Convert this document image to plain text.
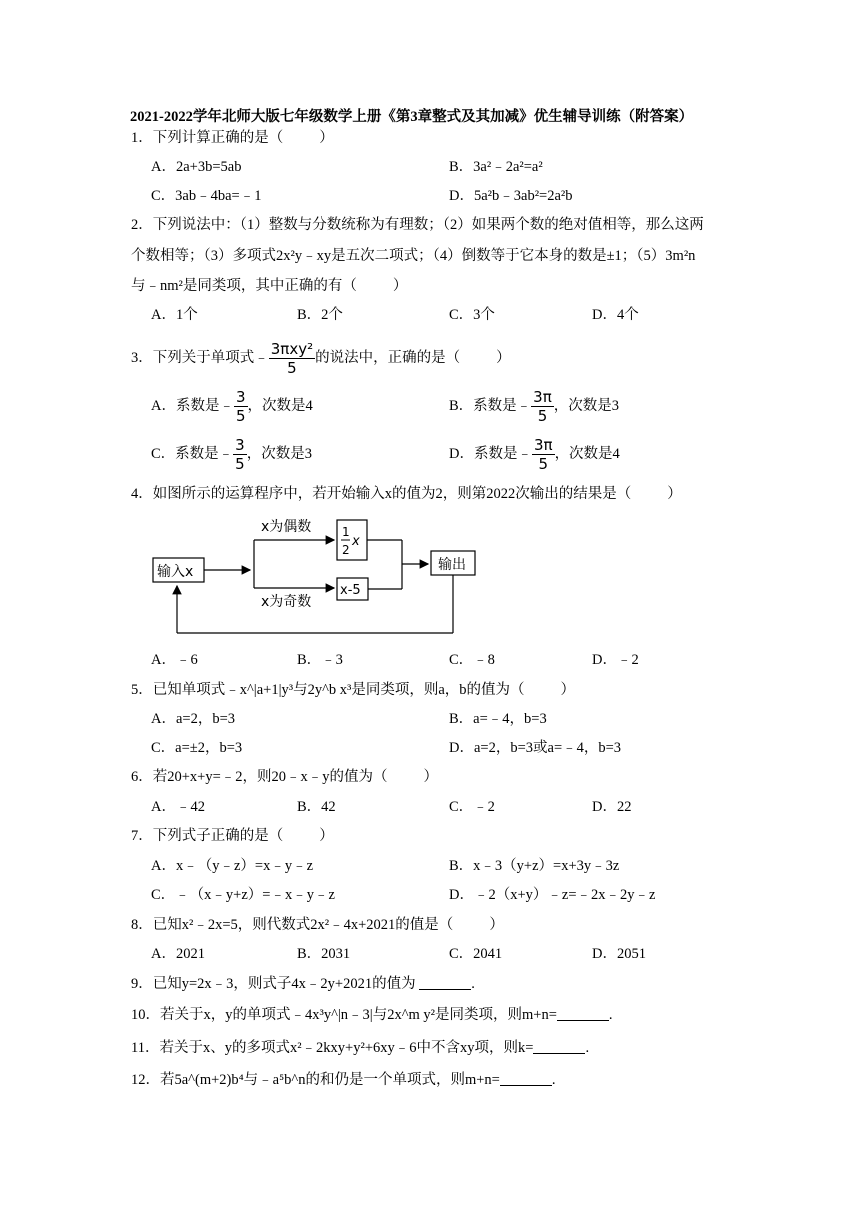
2021-2022学年北师大版七年级数学上册《第3章整式及其加减》优生辅导训练（附答案）
1．下列计算正确的是（ ）
A．2a+3b=5ab	B．3a²﹣2a²=a²
C．3ab﹣4ba=﹣1	D．5a²b﹣3ab²=2a²b
2．下列说法中：（1）整数与分数统称为有理数；（2）如果两个数的绝对值相等，那么这两
个数相等；（3）多项式2x²y﹣xy是五次二项式；（4）倒数等于它本身的数是±1；（5）3m²n
与﹣nm²是同类项，其中正确的有（ ）
A．1个	B．2个	C．3个	D．4个
3．下列关于单项式﹣ $\frac{\text{3πxy²}}{5}$ 的说法中，正确的是（ ）
A．系数是﹣ $\frac{3}{5}$ ，次数是4	B．系数是﹣ $\frac{3\pi}{5}$ ，次数是3
C．系数是﹣ $\frac{3}{5}$ ，次数是3	D．系数是﹣ $\frac{3\pi}{5}$ ，次数是4
4．如图所示的运算程序中，若开始输入x的值为2，则第2022次输出的结果是（ ）
输入x
x为偶数
x为奇数
1
2
x
x-5
输出
A．﹣6	B．﹣3	C．﹣8	D．﹣2
5．已知单项式﹣x^|a+1|y³与2y^b x³是同类项，则a，b的值为（ ）
A．a=2，b=3	B．a=﹣4，b=3
C．a=±2，b=3	D．a=2，b=3或a=﹣4，b=3
6．若20+x+y=﹣2，则20﹣x﹣y的值为（ ）
A．﹣42	B．42	C．﹣2	D．22
7．下列式子正确的是（ ）
A．x﹣（y﹣z）=x﹣y﹣z	B．x﹣3（y+z）=x+3y﹣3z
C．﹣（x﹣y+z）=﹣x﹣y﹣z	D．﹣2（x+y）﹣z=﹣2x﹣2y﹣z
8．已知x²﹣2x=5，则代数式2x²﹣4x+2021的值是（ ）
A．2021	B．2031	C．2041	D．2051
9．已知y=2x﹣3，则式子4x﹣2y+2021的值为	.
10．若关于x，y的单项式﹣4x³y^|n﹣3|与2x^m y²是同类项，则m+n=	.
11．若关于x、y的多项式x²﹣2kxy+y²+6xy﹣6中不含xy项，则k=	.
12．若5a^(m+2)b⁴与﹣a⁵b^n的和仍是一个单项式，则m+n=	.
